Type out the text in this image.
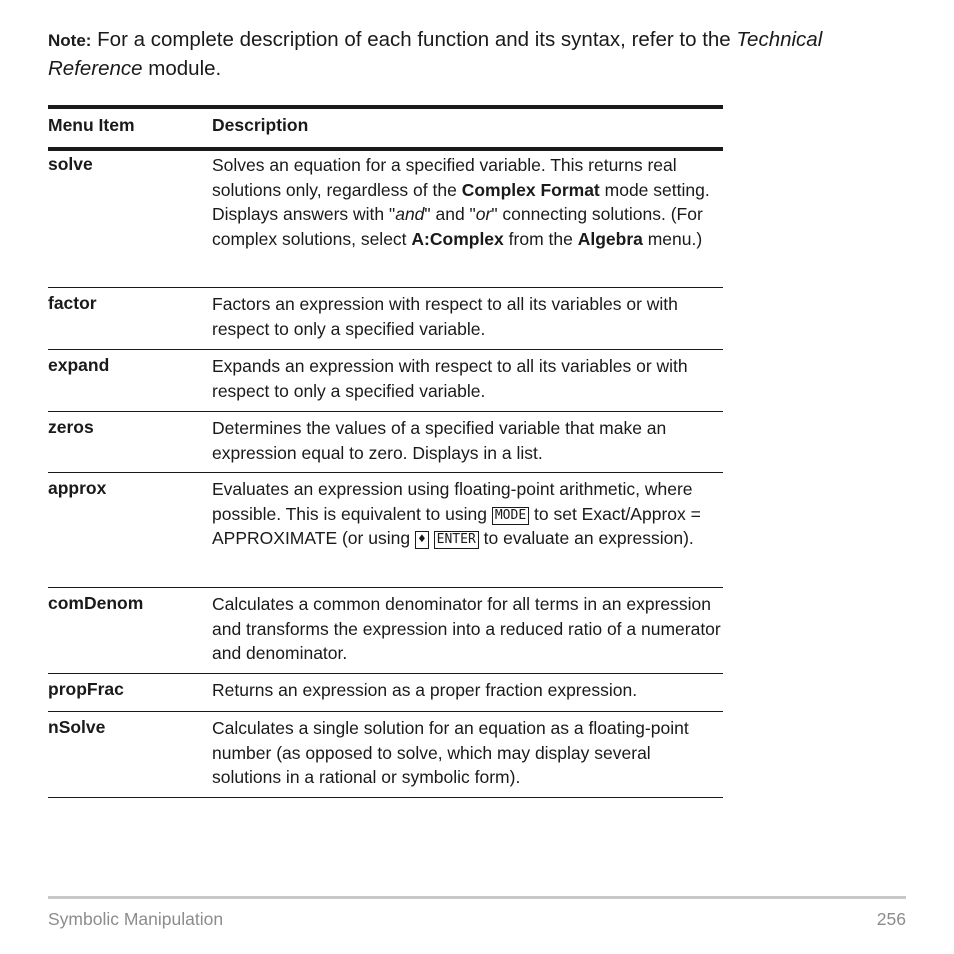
Note: For a complete description of each function and its syntax, refer to the Technical Reference module.
Menu Item	Description
solve	Solves an equation for a specified variable. This returns real solutions only, regardless of the Complex Format mode setting. Displays answers with "and" and "or" connecting solutions. (For complex solutions, select A:Complex from the Algebra menu.)
factor	Factors an expression with respect to all its variables or with respect to only a specified variable.
expand	Expands an expression with respect to all its variables or with respect to only a specified variable.
zeros	Determines the values of a specified variable that make an expression equal to zero. Displays in a list.
approx	Evaluates an expression using floating-point arithmetic, where possible. This is equivalent to using MODE to set Exact/Approx = APPROXIMATE (or using ♦ ENTER to evaluate an expression).
comDenom	Calculates a common denominator for all terms in an expression and transforms the expression into a reduced ratio of a numerator and denominator.
propFrac	Returns an expression as a proper fraction expression.
nSolve	Calculates a single solution for an equation as a floating-point number (as opposed to solve, which may display several solutions in a rational or symbolic form).
Symbolic Manipulation	256
